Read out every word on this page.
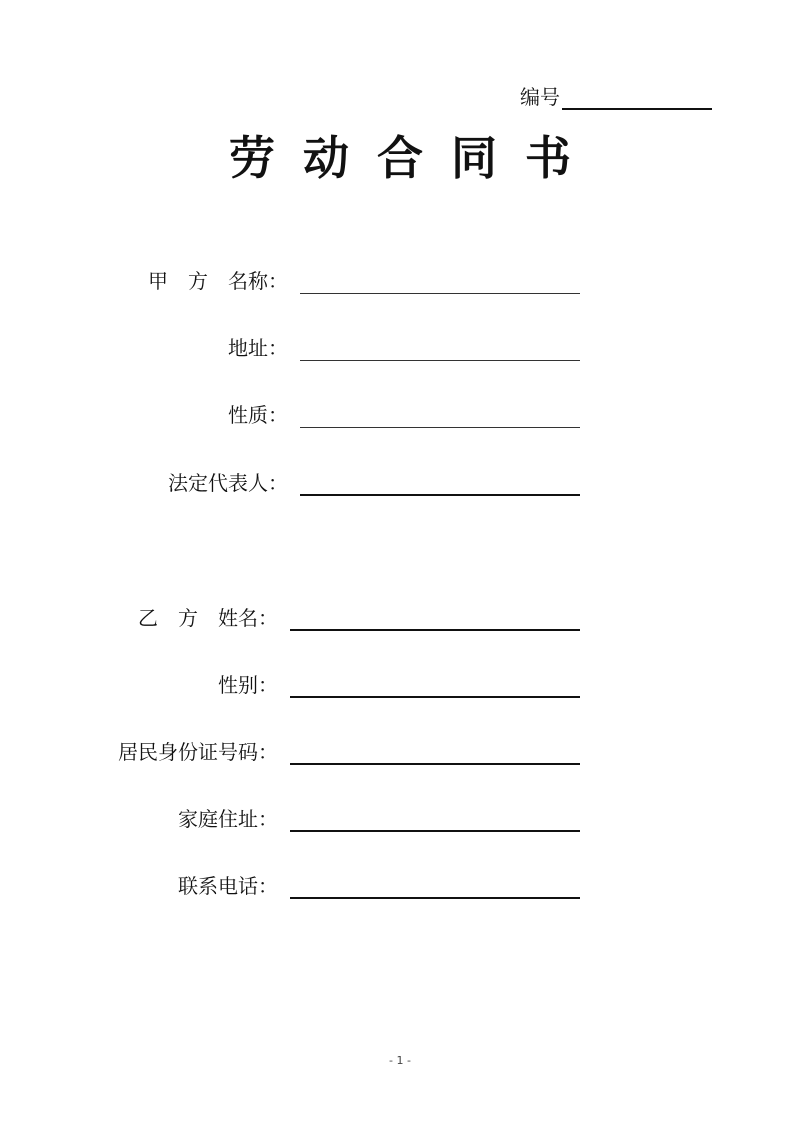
编号
劳动合同书
甲　方　名称：
地址：
性质：
法定代表人：
乙　方　姓名：
性别：
居民身份证号码：
家庭住址：
联系电话：
- 1 -
